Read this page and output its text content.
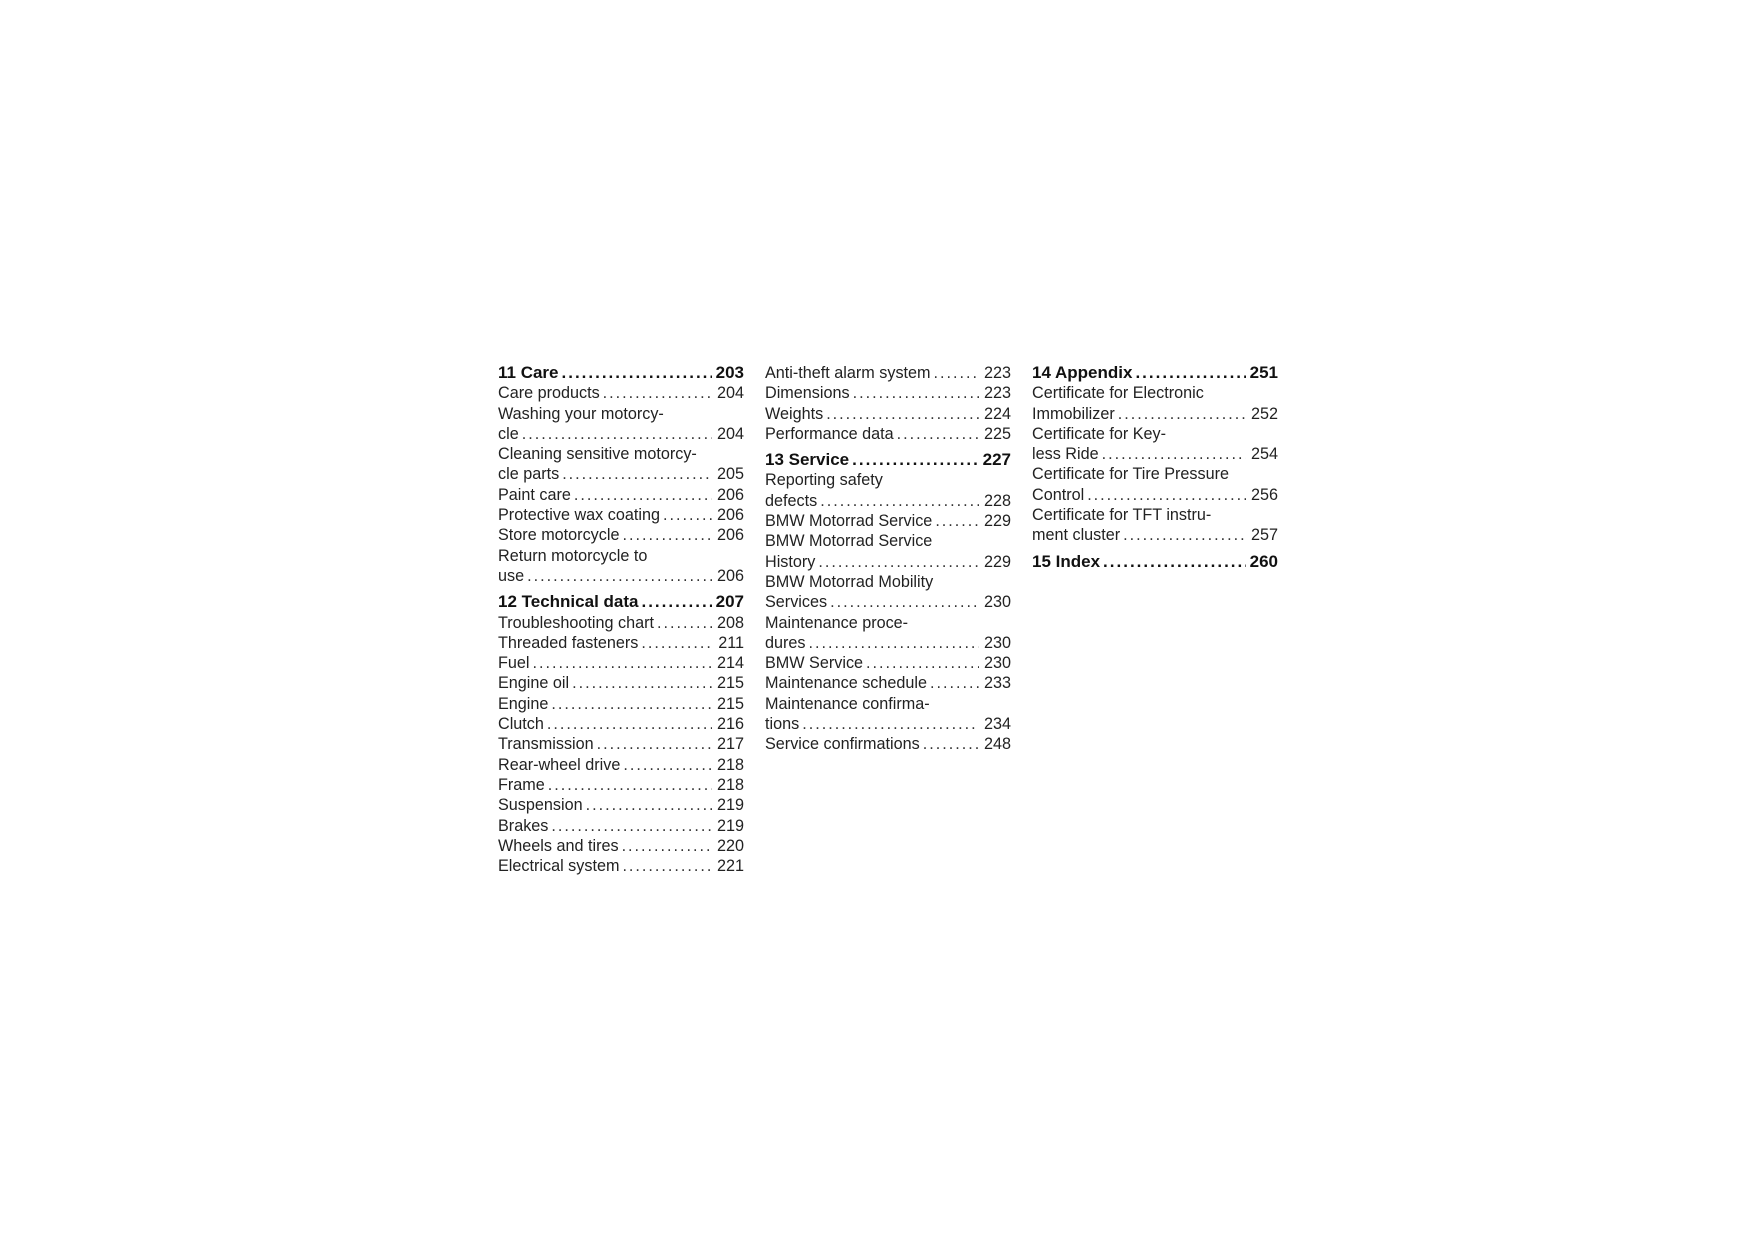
11 Care .....	203
Care products .....	204
Washing your motorcy-
cle .....	204
Cleaning sensitive motorcy-
cle parts .....	205
Paint care .....	206
Protective wax coating .....	206
Store motorcycle .....	206
Return motorcycle to
use .....	206
12 Technical data .....	207
Troubleshooting chart .....	208
Threaded fasteners .....	211
Fuel .....	214
Engine oil .....	215
Engine .....	215
Clutch .....	216
Transmission .....	217
Rear-wheel drive .....	218
Frame .....	218
Suspension .....	219
Brakes .....	219
Wheels and tires .....	220
Electrical system .....	221
Anti-theft alarm system .....	223
Dimensions .....	223
Weights .....	224
Performance data .....	225
13 Service .....	227
Reporting safety
defects .....	228
BMW Motorrad Service .....	229
BMW Motorrad Service
History .....	229
BMW Motorrad Mobility
Services .....	230
Maintenance proce-
dures .....	230
BMW Service .....	230
Maintenance schedule .....	233
Maintenance confirma-
tions .....	234
Service confirmations .....	248
14 Appendix .....	251
Certificate for Electronic
Immobilizer .....	252
Certificate for Key-
less Ride .....	254
Certificate for Tire Pressure
Control .....	256
Certificate for TFT instru-
ment cluster .....	257
15 Index .....	260
